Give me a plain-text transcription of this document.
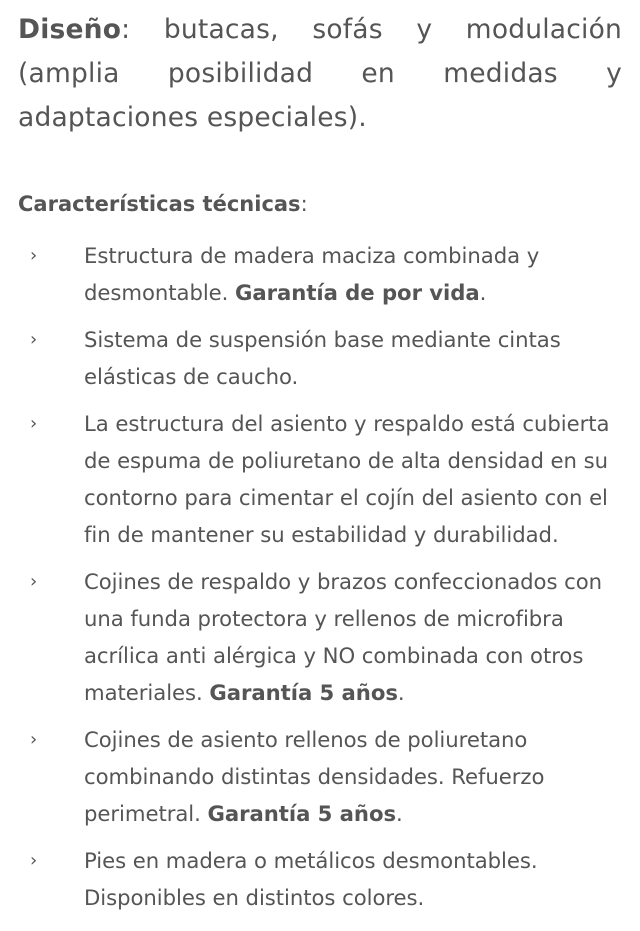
Diseño: butacas, sofás y modulación (amplia posibilidad en medidas y adaptaciones especiales).

Características técnicas:
› Estructura de madera maciza combinada y desmontable. Garantía de por vida.
› Sistema de suspensión base mediante cintas elásticas de caucho.
› La estructura del asiento y respaldo está cubierta de espuma de poliuretano de alta densidad en su contorno para cimentar el cojín del asiento con el fin de mantener su estabilidad y durabilidad.
› Cojines de respaldo y brazos confeccionados con una funda protectora y rellenos de microfibra acrílica anti alérgica y NO combinada con otros materiales. Garantía 5 años.
› Cojines de asiento rellenos de poliuretano combinando distintas densidades. Refuerzo perimetral. Garantía 5 años.
› Pies en madera o metálicos desmontables. Disponibles en distintos colores.
